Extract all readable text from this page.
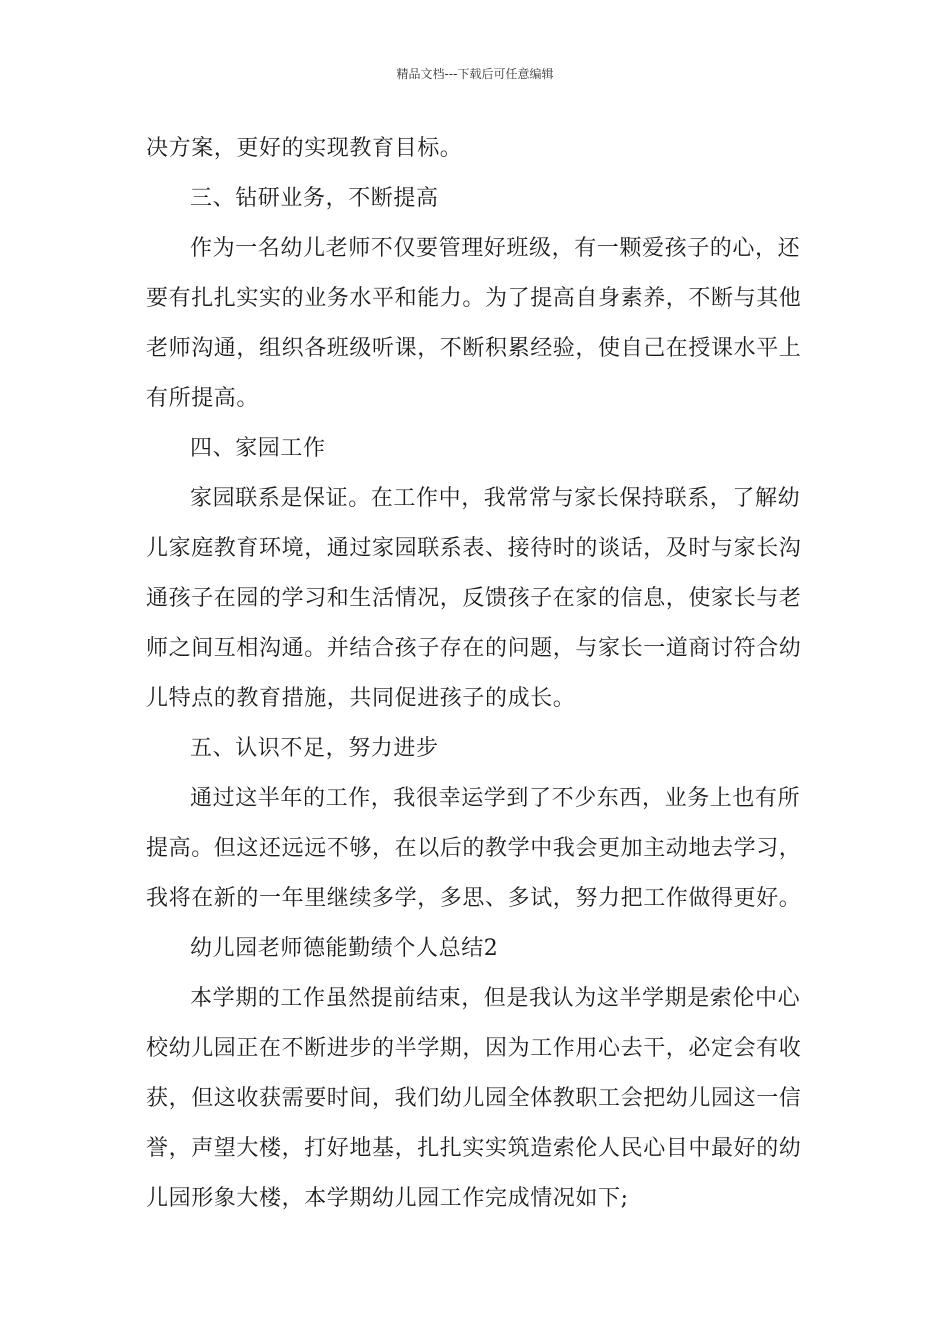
精品文档---下载后可任意编辑
决方案，更好的实现教育目标。
三、钻研业务，不断提高
作为一名幼儿老师不仅要管理好班级，有一颗爱孩子的心，还
要有扎扎实实的业务水平和能力。为了提高自身素养，不断与其他
老师沟通，组织各班级听课，不断积累经验，使自己在授课水平上
有所提高。
四、家园工作
家园联系是保证。在工作中，我常常与家长保持联系，了解幼
儿家庭教育环境，通过家园联系表、接待时的谈话，及时与家长沟
通孩子在园的学习和生活情况，反馈孩子在家的信息，使家长与老
师之间互相沟通。并结合孩子存在的问题，与家长一道商讨符合幼
儿特点的教育措施，共同促进孩子的成长。
五、认识不足，努力进步
通过这半年的工作，我很幸运学到了不少东西，业务上也有所
提高。但这还远远不够，在以后的教学中我会更加主动地去学习，
我将在新的一年里继续多学，多思、多试，努力把工作做得更好。
幼儿园老师德能勤绩个人总结2
本学期的工作虽然提前结束，但是我认为这半学期是索伦中心
校幼儿园正在不断进步的半学期，因为工作用心去干，必定会有收
获，但这收获需要时间，我们幼儿园全体教职工会把幼儿园这一信
誉，声望大楼，打好地基，扎扎实实筑造索伦人民心目中最好的幼
儿园形象大楼，本学期幼儿园工作完成情况如下;
